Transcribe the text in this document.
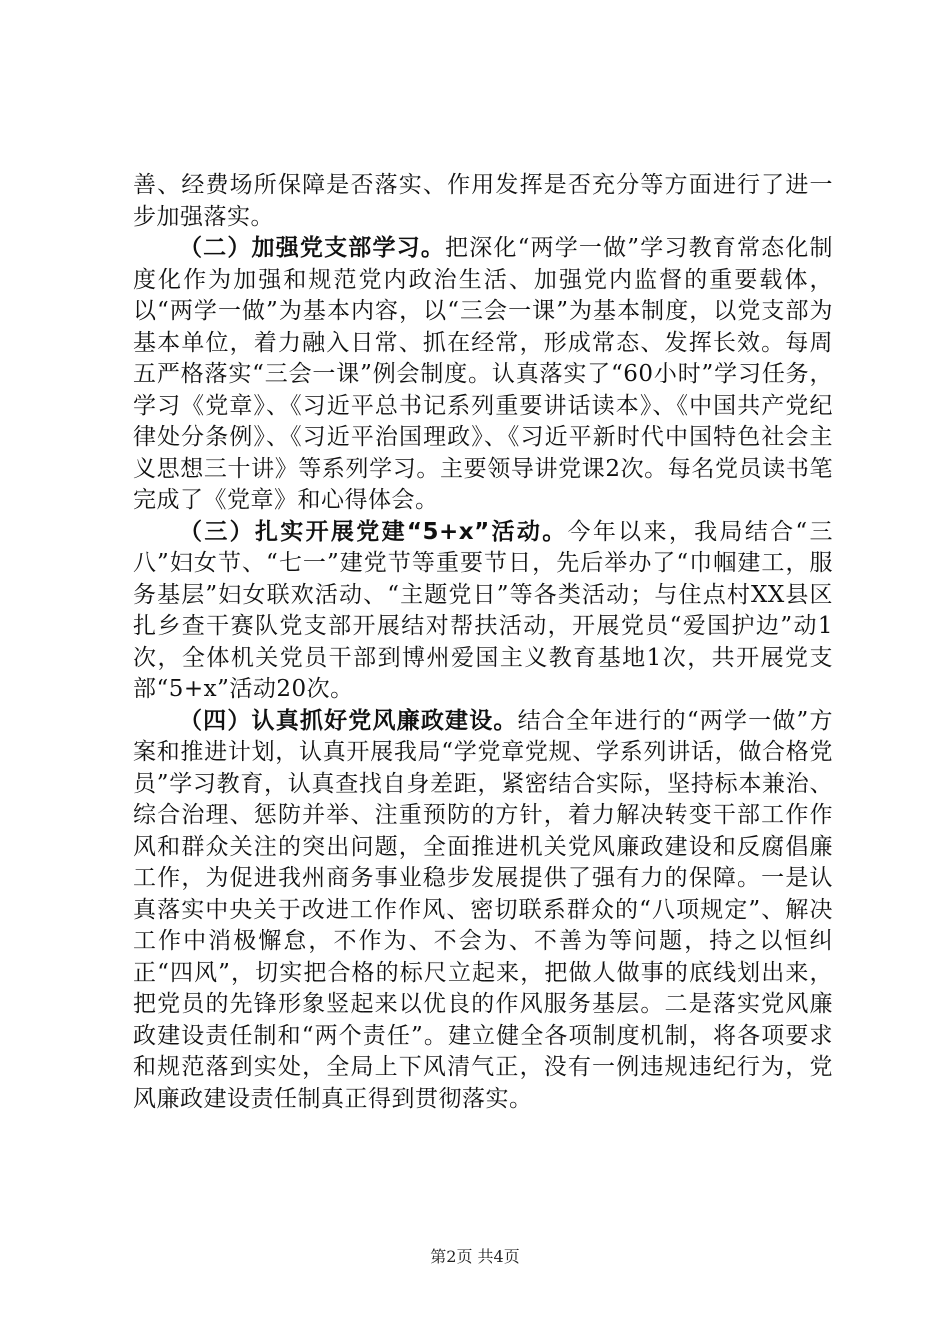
善、经费场所保障是否落实、作用发挥是否充分等方面进行了进一步加强落实。

（二）加强党支部学习。把深化“两学一做”学习教育常态化制度化作为加强和规范党内政治生活、加强党内监督的重要载体，以“两学一做”为基本内容，以“三会一课”为基本制度，以党支部为基本单位，着力融入日常、抓在经常，形成常态、发挥长效。每周五严格落实“三会一课”例会制度。认真落实了“60小时”学习任务，学习《党章》、《习近平总书记系列重要讲话读本》、《中国共产党纪律处分条例》、《习近平治国理政》、《习近平新时代中国特色社会主义思想三十讲》等系列学习。主要领导讲党课2次。每名党员读书笔完成了《党章》和心得体会。

（三）扎实开展党建“5+x”活动。今年以来，我局结合“三八”妇女节、“七一”建党节等重要节日，先后举办了“巾帼建工，服务基层”妇女联欢活动、“主题党日”等各类活动；与住点村XX县区扎乡查干赛队党支部开展结对帮扶活动，开展党员“爱国护边”动1次，全体机关党员干部到博州爱国主义教育基地1次，共开展党支部“5+x”活动20次。

（四）认真抓好党风廉政建设。结合全年进行的“两学一做”方案和推进计划，认真开展我局“学党章党规、学系列讲话，做合格党员”学习教育，认真查找自身差距，紧密结合实际，坚持标本兼治、综合治理、惩防并举、注重预防的方针，着力解决转变干部工作作风和群众关注的突出问题，全面推进机关党风廉政建设和反腐倡廉工作，为促进我州商务事业稳步发展提供了强有力的保障。一是认真落实中央关于改进工作作风、密切联系群众的“八项规定”、解决工作中消极懈怠，不作为、不会为、不善为等问题，持之以恒纠正“四风”，切实把合格的标尺立起来，把做人做事的底线划出来，把党员的先锋形象竖起来以优良的作风服务基层。二是落实党风廉政建设责任制和“两个责任”。建立健全各项制度机制，将各项要求和规范落到实处，全局上下风清气正，没有一例违规违纪行为，党风廉政建设责任制真正得到贯彻落实。

第2页 共4页
